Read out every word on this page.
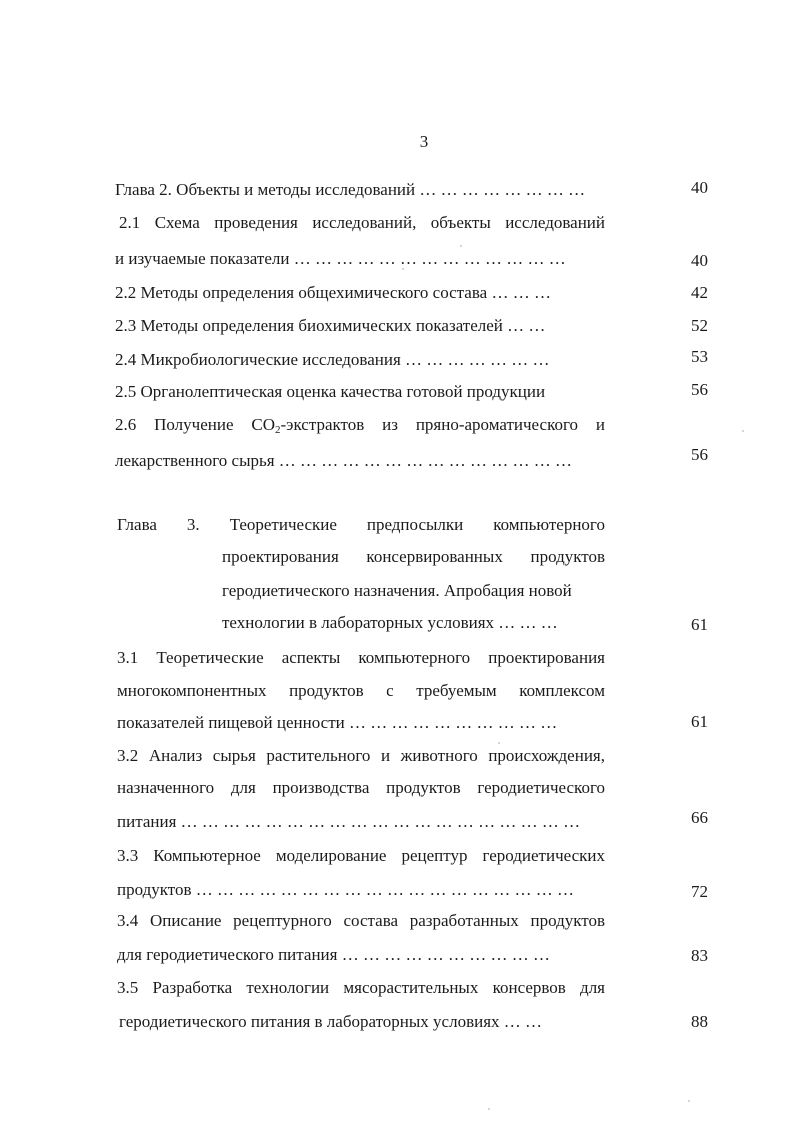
3
Глава 2. Объекты и методы исследований … … … … … … … …	40
2.1 Схема проведения исследований, объекты исследований
и изучаемые показатели … … … … … … … … … … … … …	40
2.2 Методы определения общехимического состава … … …	42
2.3 Методы определения биохимических показателей … …	52
2.4 Микробиологические исследования … … … … … … …	53
2.5 Органолептическая оценка качества готовой продукции	56
2.6 Получение $CO_2$-экстрактов из пряно-ароматического и
лекарственного сырья … … … … … … … … … … … … … …	56
Глава 3. Теоретические предпосылки компьютерного
проектирования консервированных продуктов
геродиетического назначения. Апробация новой
технологии в лабораторных условиях … … …	61
3.1 Теоретические аспекты компьютерного проектирования
многокомпонентных продуктов с требуемым комплексом
показателей пищевой ценности … … … … … … … … … …	61
3.2 Анализ сырья растительного и животного происхождения,
назначенного для производства продуктов геродиетического
питания … … … … … … … … … … … … … … … … … … …	66
3.3 Компьютерное моделирование рецептур геродиетических
продуктов … … … … … … … … … … … … … … … … … …	72
3.4 Описание рецептурного состава разработанных продуктов
для геродиетического питания … … … … … … … … … …	83
3.5 Разработка технологии мясорастительных консервов для
геродиетического питания в лабораторных условиях … …	88
